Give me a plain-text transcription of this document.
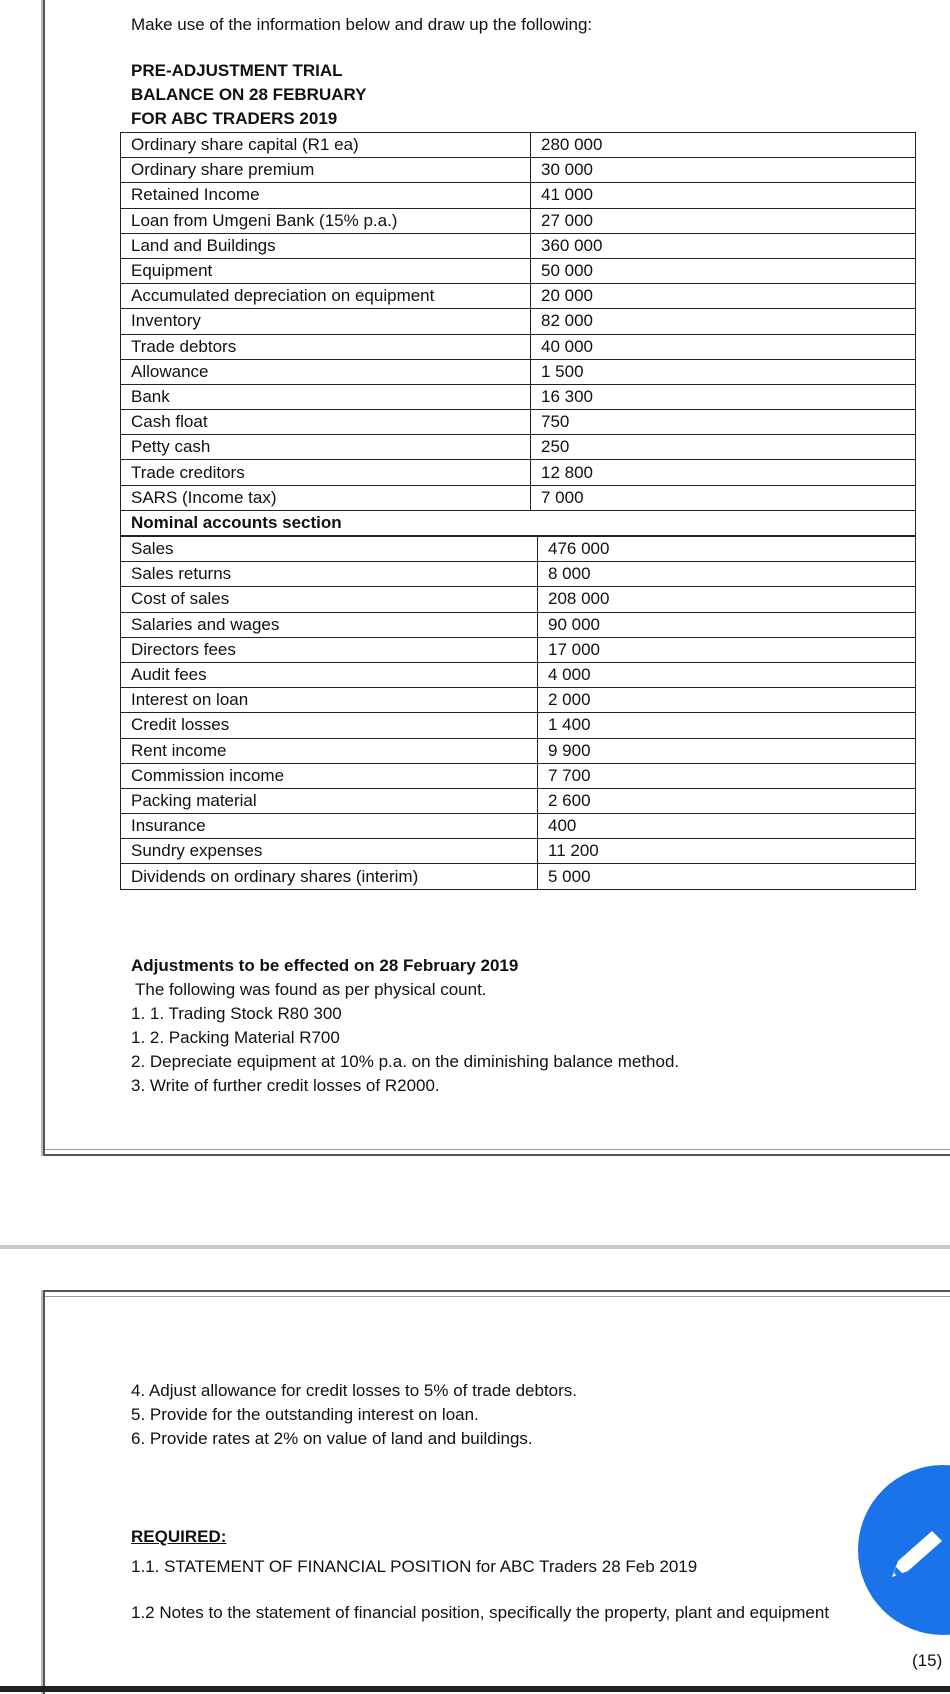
Make use of the information below and draw up the following:
PRE-ADJUSTMENT TRIAL
BALANCE ON 28 FEBRUARY
FOR ABC TRADERS 2019
Ordinary share capital (R1 ea)	280 000
Ordinary share premium	30 000
Retained Income	41 000
Loan from Umgeni Bank (15% p.a.)	27 000
Land and Buildings	360 000
Equipment	50 000
Accumulated depreciation on equipment	20 000
Inventory	82 000
Trade debtors	40 000
Allowance	1 500
Bank	16 300
Cash float	750
Petty cash	250
Trade creditors	12 800
SARS (Income tax)	7 000
Nominal accounts section	
Sales	476 000
Sales returns	8 000
Cost of sales	208 000
Salaries and wages	90 000
Directors fees	17 000
Audit fees	4 000
Interest on loan	2 000
Credit losses	1 400
Rent income	9 900
Commission income	7 700
Packing material	2 600
Insurance	400
Sundry expenses	11 200
Dividends on ordinary shares (interim)	5 000
Adjustments to be effected on 28 February 2019
The following was found as per physical count.
1. 1. Trading Stock R80 300
1. 2. Packing Material R700
2. Depreciate equipment at 10% p.a. on the diminishing balance method.
3. Write of further credit losses of R2000.
4. Adjust allowance for credit losses to 5% of trade debtors.
5. Provide for the outstanding interest on loan.
6. Provide rates at 2% on value of land and buildings.
REQUIRED:
1.1. STATEMENT OF FINANCIAL POSITION for ABC Traders 28 Feb 2019
1.2 Notes to the statement of financial position, specifically the property, plant and equipment
(15)
